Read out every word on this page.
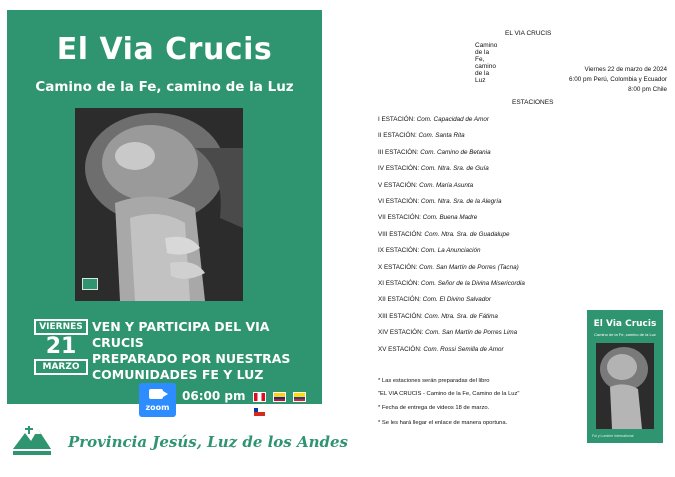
El Via Crucis
Camino de la Fe, camino de la Luz
VIERNES
21
MARZO
VEN Y PARTICIPA DEL VIA CRUCIS
PREPARADO POR NUESTRAS
COMUNIDADES FE Y LUZ
zoom
06:00 pm
08:00 pm
Provincia Jesús, Luz de los Andes
EL VIA CRUCIS
Camino de la Fe, camino de la Luz
Viernes 22 de marzo de 2024
6:00 pm Perú, Colombia y Ecuador
8:00 pm Chile
ESTACIONES
I ESTACIÓN: Com. Capacidad de Amor
II ESTACIÓN: Com. Santa Rita
III ESTACIÓN: Com. Camino de Betania
IV ESTACIÓN: Com. Ntra. Sra. de Guía
V ESTACIÓN: Com. María Asunta
VI ESTACIÓN: Com. Ntra. Sra. de la Alegría
VII ESTACIÓN: Com. Buena Madre
VIII ESTACIÓN: Com. Ntra. Sra. de Guadalupe
IX ESTACIÓN: Com. La Anunciación
X ESTACIÓN: Com. San Martín de Porres (Tacna)
XI ESTACIÓN: Com. Señor de la Divina Misericordia
XII ESTACIÓN: Com. El Divino Salvador
XIII ESTACIÓN: Com. Ntra. Sra. de Fátima
XIV ESTACIÓN: Com. San Martín de Porres Lima
XV ESTACIÓN: Com. Rossi Semilla de Amor
* Las estaciones serán preparadas del libro
"EL VIA CRUCIS - Camino de la Fe, Camino de la Luz"
* Fecha de entrega de videos 18 de marzo.
* Se les hará llegar el enlace de manera oportuna.
El Via Crucis
Camino de la Fe, camino de la Luz
Foi y Lumière International
